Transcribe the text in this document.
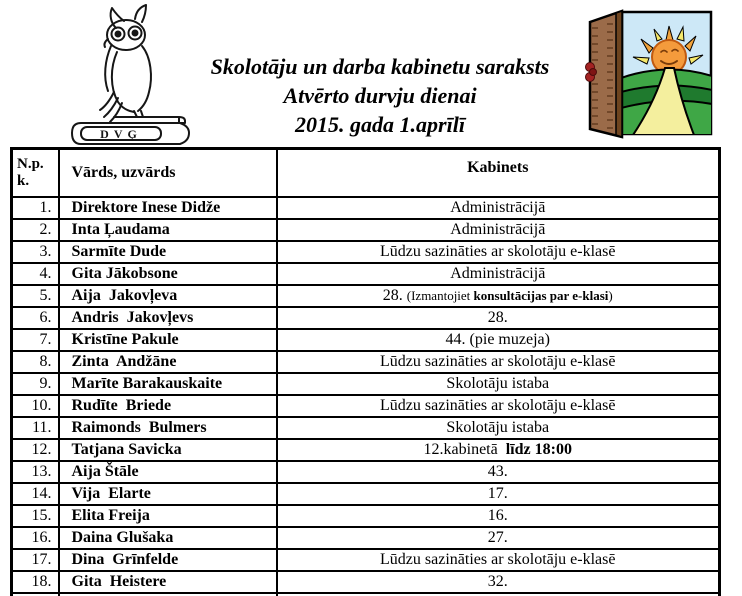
DVĢ
Skolotāju un darba kabinetu saraksts
Atvērto durvju dienai
2015. gada 1.aprīlī
N.p.
k.	Vārds, uzvārds	Kabinets
1.	Direktore Inese Didže	Administrācijā
2.	Inta Ļaudama	Administrācijā
3.	Sarmīte Dude	Lūdzu sazināties ar skolotāju e-klasē
4.	Gita Jākobsone	Administrācijā
5.	Aija  Jakovļeva	28. (Izmantojiet konsultācijas par e-klasi)
6.	Andris  Jakovļevs	28.
7.	Kristīne Pakule	44. (pie muzeja)
8.	Zinta  Andžāne	Lūdzu sazināties ar skolotāju e-klasē
9.	Marīte Barakauskaite	Skolotāju istaba
10.	Rudīte  Briede	Lūdzu sazināties ar skolotāju e-klasē
11.	Raimonds  Bulmers	Skolotāju istaba
12.	Tatjana Savicka	12.kabinetā  līdz 18:00
13.	Aija Štāle	43.
14.	Vija  Elarte	17.
15.	Elita Freija	16.
16.	Daina Glušaka	27.
17.	Dina  Grīnfelde	Lūdzu sazināties ar skolotāju e-klasē
18.	Gita  Heistere	32.
